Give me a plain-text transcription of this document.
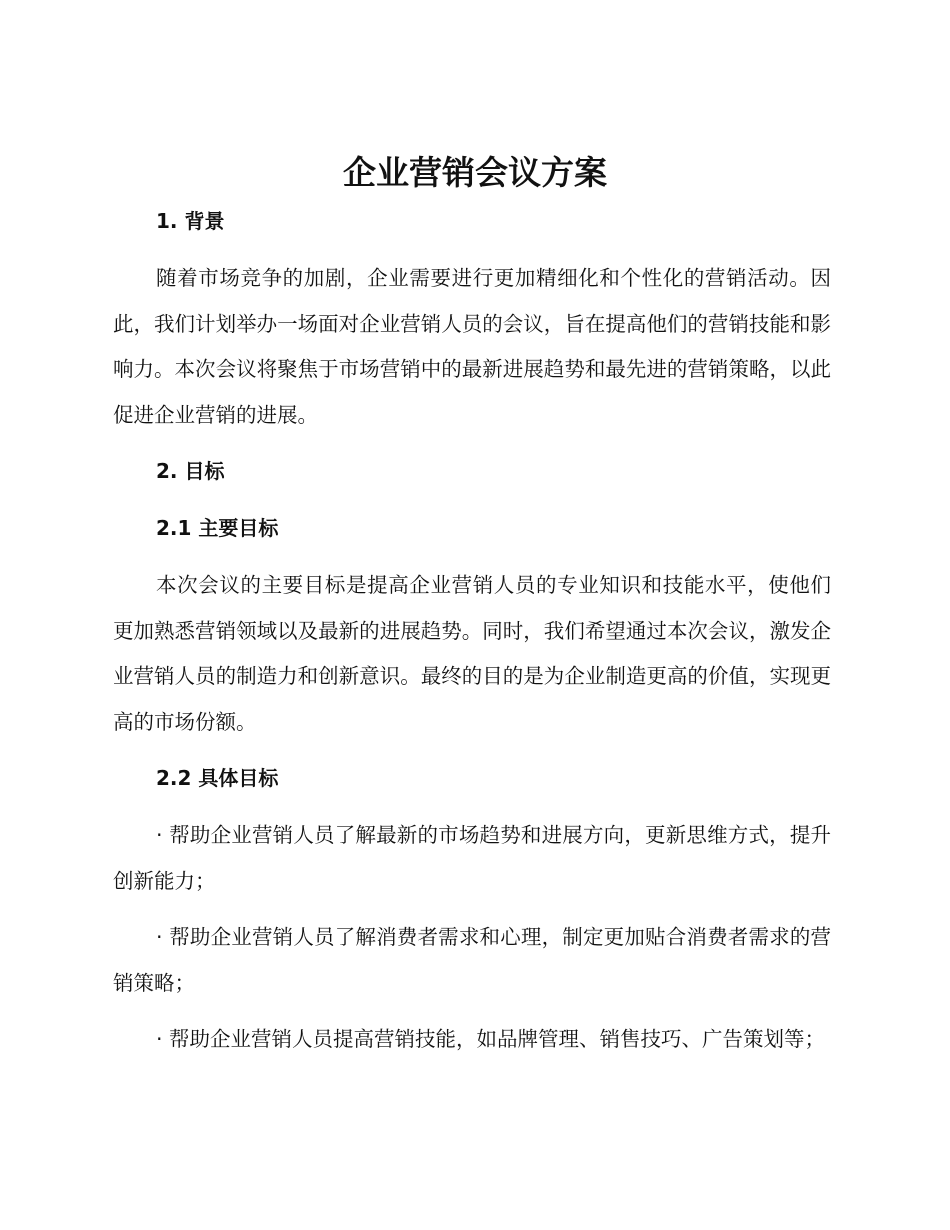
企业营销会议方案
1. 背景

随着市场竞争的加剧，企业需要进行更加精细化和个性化的营销活动。因此，我们计划举办一场面对企业营销人员的会议，旨在提高他们的营销技能和影响力。本次会议将聚焦于市场营销中的最新进展趋势和最先进的营销策略，以此促进企业营销的进展。

2. 目标
2.1 主要目标

本次会议的主要目标是提高企业营销人员的专业知识和技能水平，使他们更加熟悉营销领域以及最新的进展趋势。同时，我们希望通过本次会议，激发企业营销人员的制造力和创新意识。最终的目的是为企业制造更高的价值，实现更高的市场份额。

2.2 具体目标

· 帮助企业营销人员了解最新的市场趋势和进展方向，更新思维方式，提升创新能力；

· 帮助企业营销人员了解消费者需求和心理，制定更加贴合消费者需求的营销策略；

· 帮助企业营销人员提高营销技能，如品牌管理、销售技巧、广告策划等；
